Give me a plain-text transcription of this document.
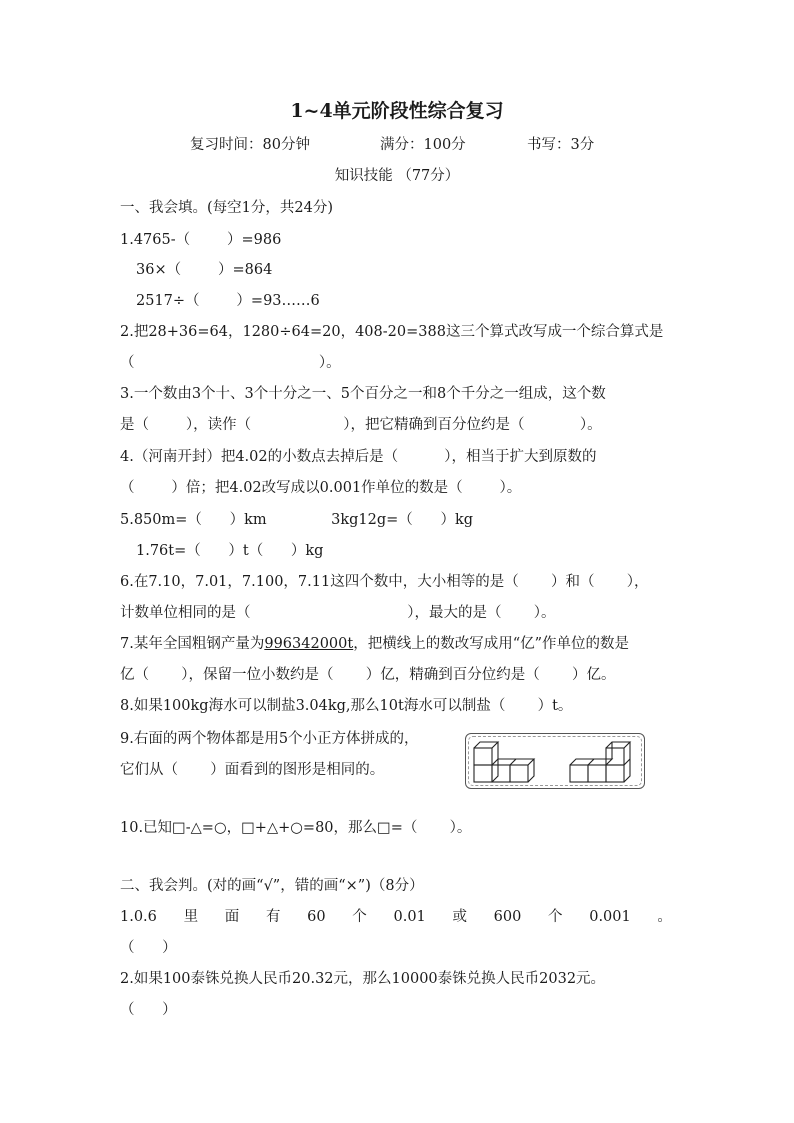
1~4单元阶段性综合复习
复习时间：80分钟	满分：100分	书写：3分
知识技能 （77分）
一、我会填。(每空1分，共24分)
1.4765-（        ）=986
36×（        ）=864
2517÷（        ）=93……6
2.把28+36=64，1280÷64=20，408-20=388这三个算式改写成一个综合算式是
（                                        ）。
3.一个数由3个十、3个十分之一、5个百分之一和8个千分之一组成，这个数
是（        ），读作（                    ），把它精确到百分位约是（            ）。
4.（河南开封）把4.02的小数点去掉后是（          ），相当于扩大到原数的
（        ）倍；把4.02改写成以0.001作单位的数是（        ）。
5.850m=（      ）km              3kg12g=（      ）kg
1.76t=（      ）t（      ）kg
6.在7.10，7.01，7.100，7.11这四个数中，大小相等的是（       ）和（       ），
计数单位相同的是（                                  ），最大的是（       ）。
7.某年全国粗钢产量为996342000t，把横线上的数改写成用“亿”作单位的数是
亿（       ），保留一位小数约是（       ）亿，精确到百分位约是（       ）亿。
8.如果100kg海水可以制盐3.04kg,那么10t海水可以制盐（       ）t。
9.右面的两个物体都是用5个小正方体拼成的，
它们从（       ）面看到的图形是相同的。
10.已知□-△=○，□+△+○=80，那么□=（       ）。
二、我会判。(对的画“√”，错的画“×”)（8分）
1.0.6 里 面 有 60 个 0.01 或 600 个 0.001 。
（      ）
2.如果100泰铢兑换人民币20.32元，那么10000泰铢兑换人民币2032元。
（      ）
